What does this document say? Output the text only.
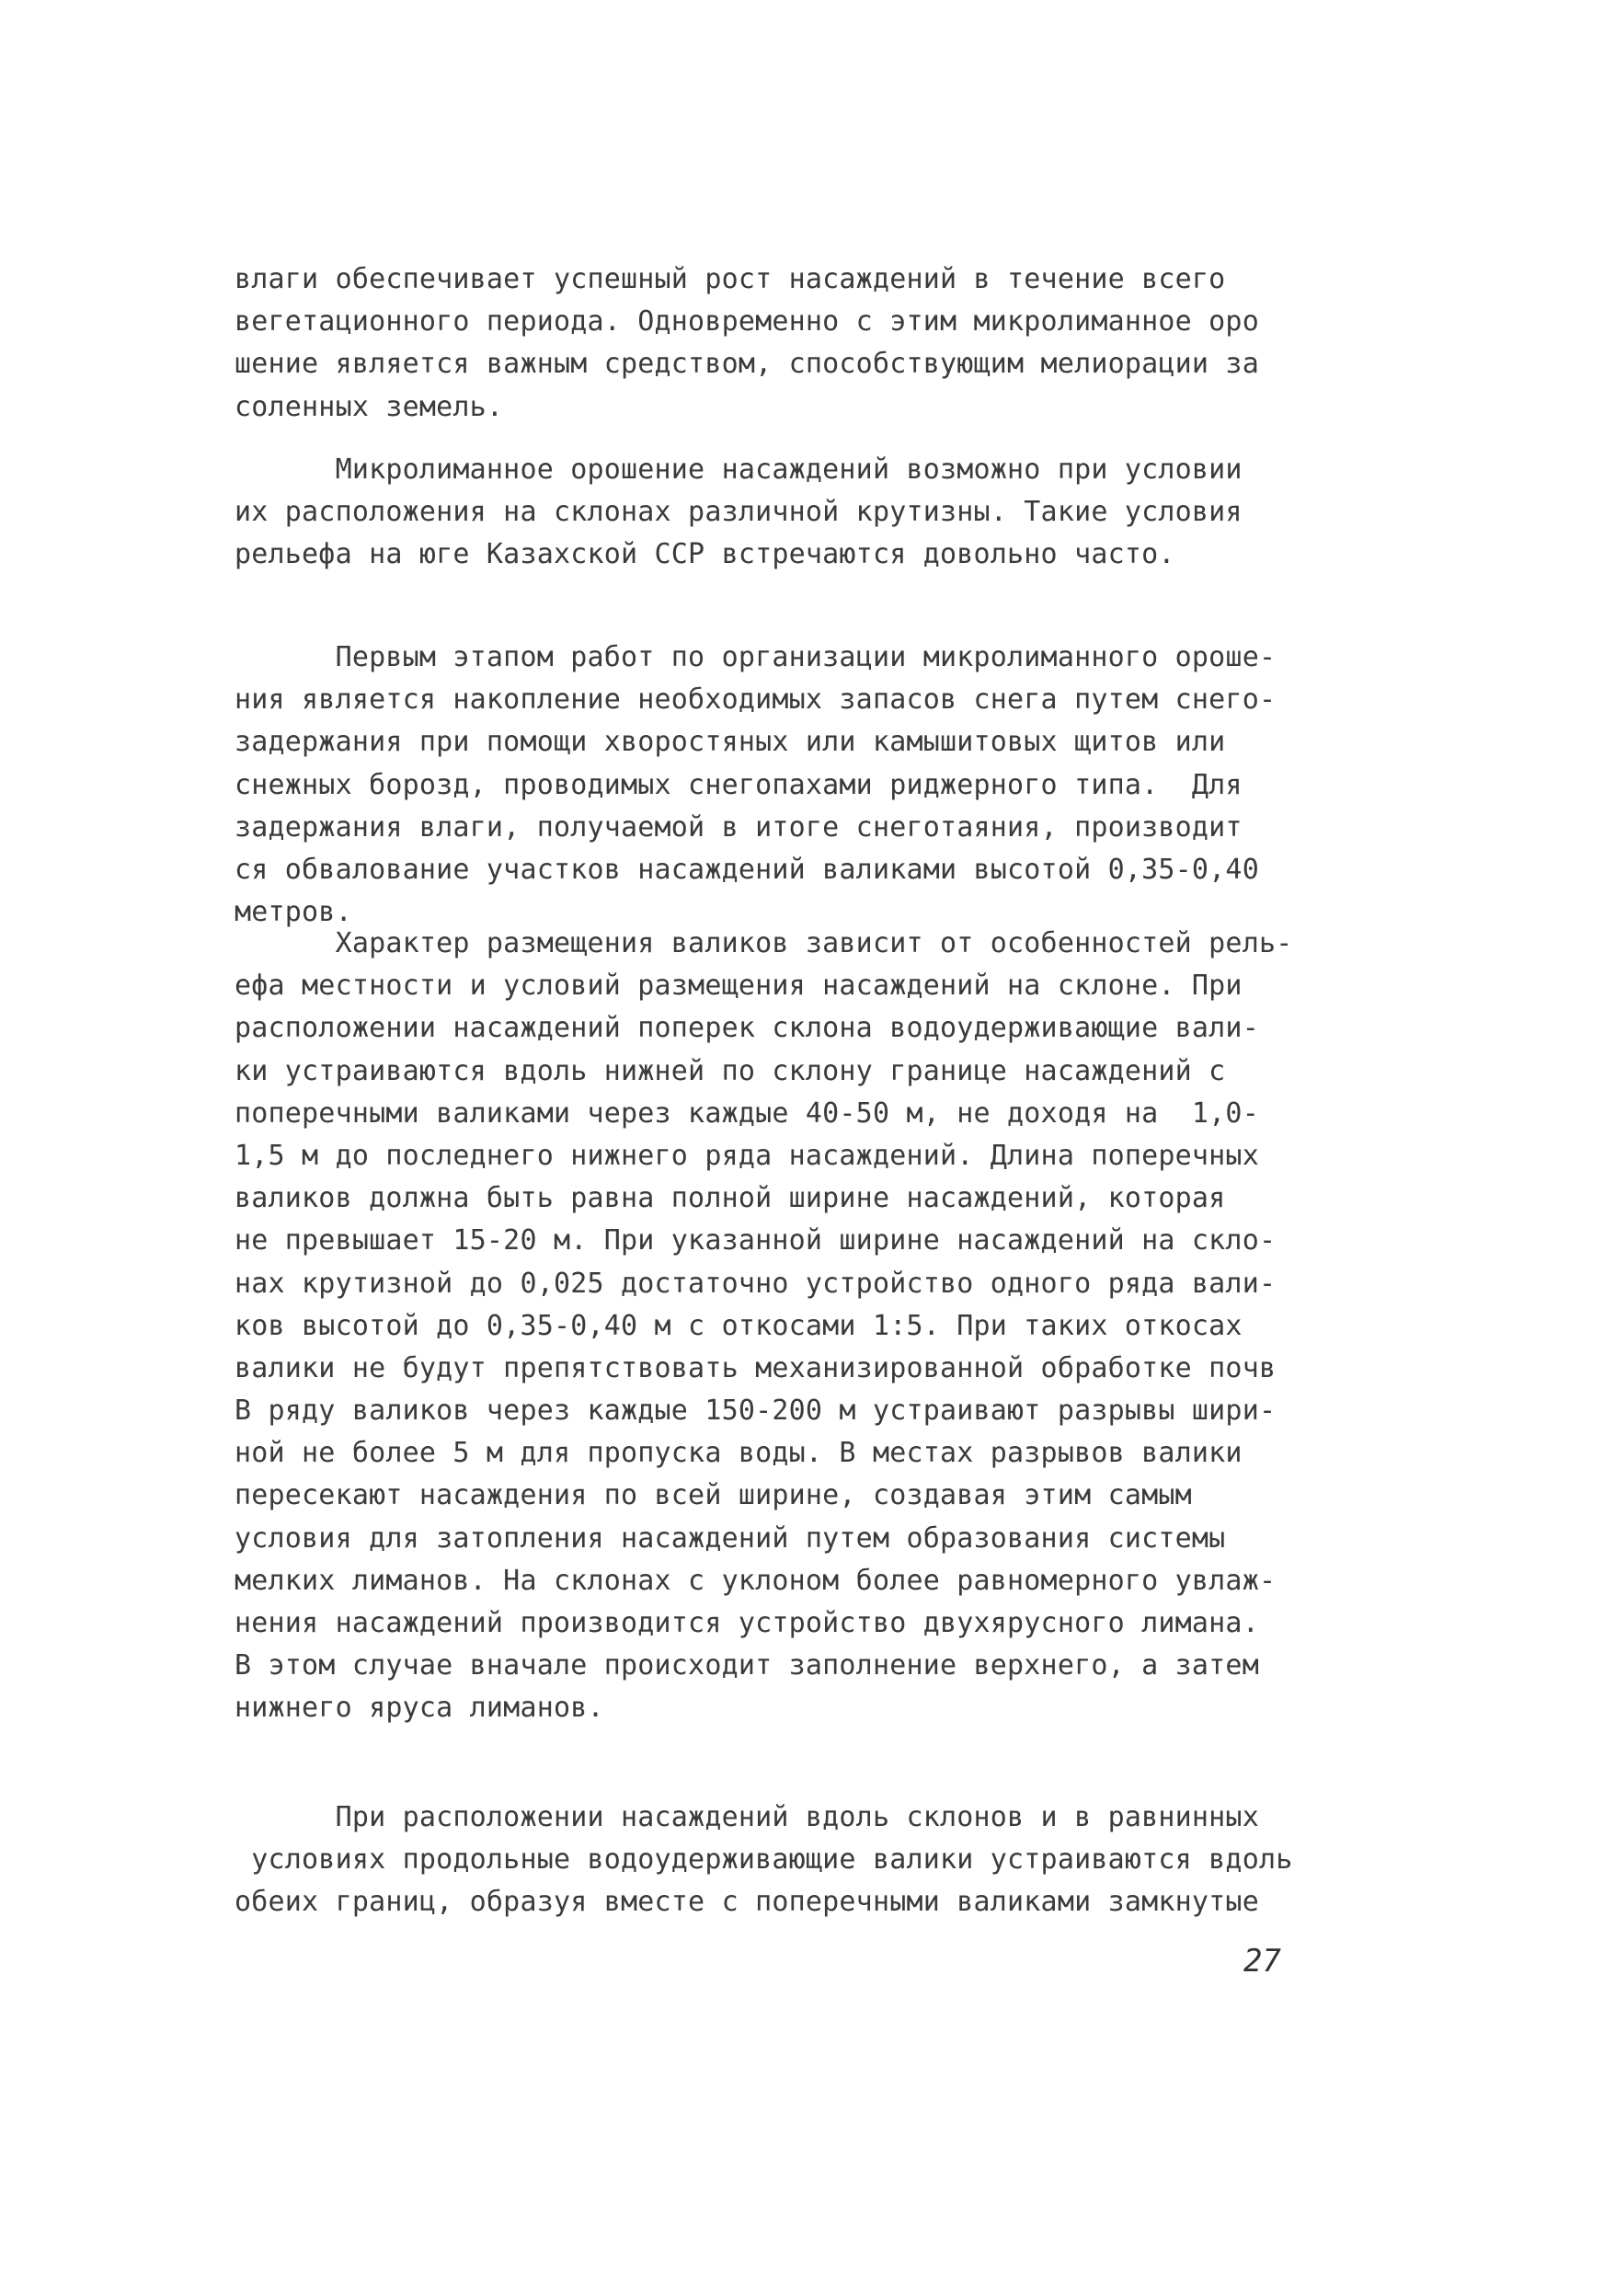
влаги обеспечивает успешный рост насаждений в течение всего
вегетационного периода. Одновременно с этим микролиманное оро
шение является важным средством, способствующим мелиорации за
соленных земель.
Микролиманное орошение насаждений возможно при условии
их расположения на склонах различной крутизны. Такие условия
рельефа на юге Казахской ССР встречаются довольно часто.
Первым этапом работ по организации микролиманного ороше-
ния является накопление необходимых запасов снега путем снего-
задержания при помощи хворостяных или камышитовых щитов или
снежных борозд, проводимых снегопахами риджерного типа.  Для
задержания влаги, получаемой в итоге снеготаяния, производит
ся обвалование участков насаждений валиками высотой 0,35-0,40
метров.
Характер размещения валиков зависит от особенностей рель-
ефа местности и условий размещения насаждений на склоне. При
расположении насаждений поперек склона водоудерживающие вали-
ки устраиваются вдоль нижней по склону границе насаждений с
поперечными валиками через каждые 40-50 м, не доходя на  1,0-
1,5 м до последнего нижнего ряда насаждений. Длина поперечных
валиков должна быть равна полной ширине насаждений, которая
не превышает 15-20 м. При указанной ширине насаждений на скло-
нах крутизной до 0,025 достаточно устройство одного ряда вали-
ков высотой до 0,35-0,40 м с откосами 1:5. При таких откосах
валики не будут препятствовать механизированной обработке почв
В ряду валиков через каждые 150-200 м устраивают разрывы шири-
ной не более 5 м для пропуска воды. В местах разрывов валики
пересекают насаждения по всей ширине, создавая этим самым
условия для затопления насаждений путем образования системы
мелких лиманов. На склонах с уклоном более равномерного увлаж-
нения насаждений производится устройство двухярусного лимана.
В этом случае вначале происходит заполнение верхнего, а затем
нижнего яруса лиманов.
При расположении насаждений вдоль склонов и в равнинных
условиях продольные водоудерживающие валики устраиваются вдоль
обеих границ, образуя вместе с поперечными валиками замкнутые
27
